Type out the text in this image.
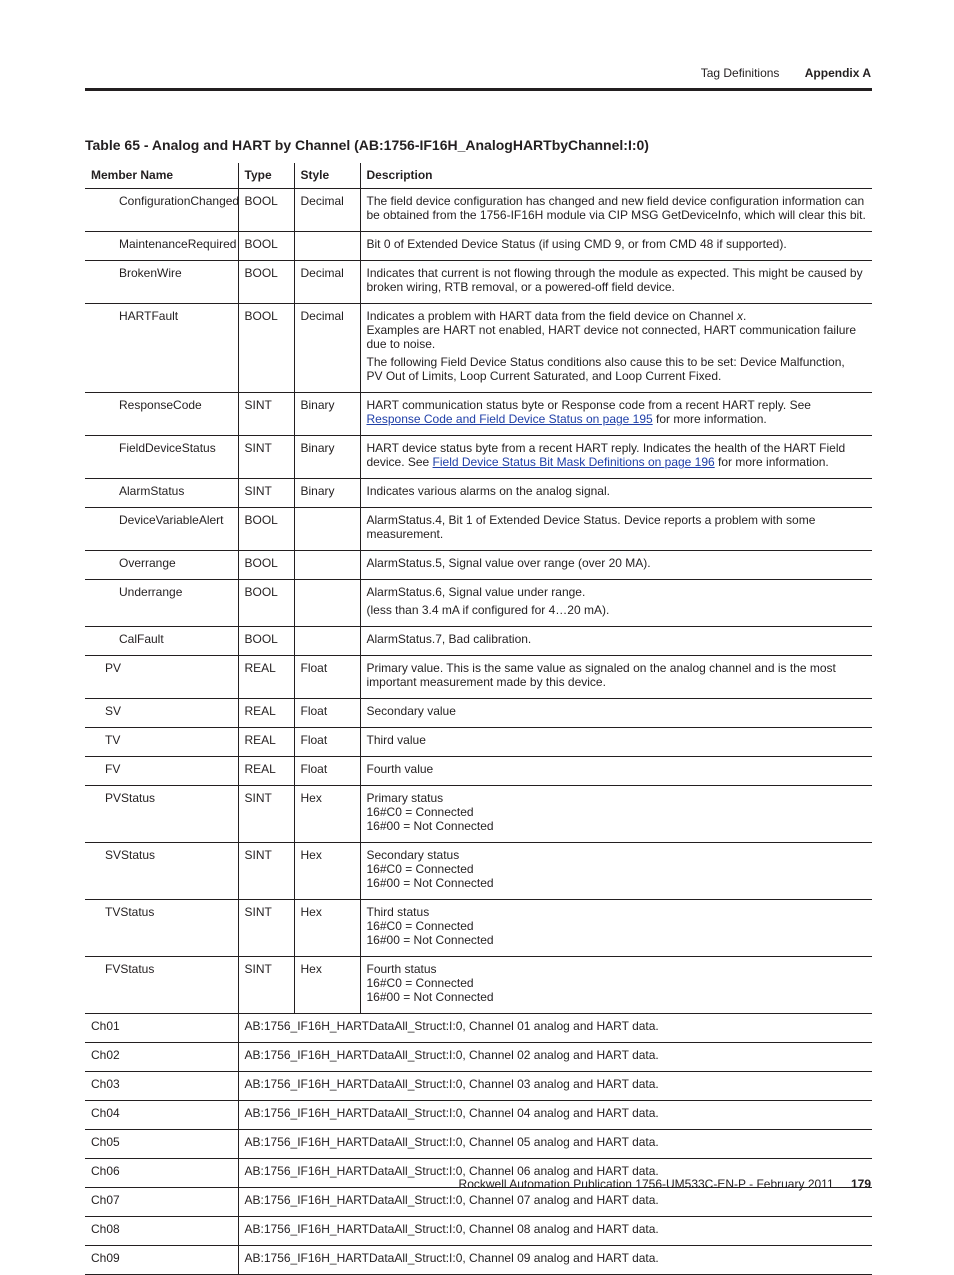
Tag Definitions Appendix A
Table 65 - Analog and HART by Channel (AB:1756-IF16H_AnalogHARTbyChannel:I:0)
Member Name	Type	Style	Description
ConfigurationChanged	BOOL	Decimal	The field device configuration has changed and new field device configuration information can be obtained from the 1756-IF16H module via CIP MSG GetDeviceInfo, which will clear this bit.
MaintenanceRequired	BOOL		Bit 0 of Extended Device Status (if using CMD 9, or from CMD 48 if supported).
BrokenWire	BOOL	Decimal	Indicates that current is not flowing through the module as expected. This might be caused by broken wiring, RTB removal, or a powered-off field device.
HARTFault	BOOL	Decimal	Indicates a problem with HART data from the field device on Channel x.
Examples are HART not enabled, HART device not connected, HART communication failure
due to noise.
The following Field Device Status conditions also cause this to be set: Device Malfunction,
PV Out of Limits, Loop Current Saturated, and Loop Current Fixed.
ResponseCode	SINT	Binary	HART communication status byte or Response code from a recent HART reply. See Response Code and Field Device Status on page 195 for more information.
FieldDeviceStatus	SINT	Binary	HART device status byte from a recent HART reply. Indicates the health of the HART Field device. See Field Device Status Bit Mask Definitions on page 196 for more information.
AlarmStatus	SINT	Binary	Indicates various alarms on the analog signal.
DeviceVariableAlert	BOOL		AlarmStatus.4, Bit 1 of Extended Device Status. Device reports a problem with some measurement.
Overrange	BOOL		AlarmStatus.5, Signal value over range (over 20 MA).
Underrange	BOOL		AlarmStatus.6, Signal value under range.
(less than 3.4 mA if configured for 4…20 mA).
CalFault	BOOL		AlarmStatus.7, Bad calibration.
PV	REAL	Float	Primary value. This is the same value as signaled on the analog channel and is the most important measurement made by this device.
SV	REAL	Float	Secondary value
TV	REAL	Float	Third value
FV	REAL	Float	Fourth value
PVStatus	SINT	Hex	Primary status
16#C0 = Connected
16#00 = Not Connected
SVStatus	SINT	Hex	Secondary status
16#C0 = Connected
16#00 = Not Connected
TVStatus	SINT	Hex	Third status
16#C0 = Connected
16#00 = Not Connected
FVStatus	SINT	Hex	Fourth status
16#C0 = Connected
16#00 = Not Connected
Ch01	AB:1756_IF16H_HARTDataAll_Struct:I:0, Channel 01 analog and HART data.		
Ch02	AB:1756_IF16H_HARTDataAll_Struct:I:0, Channel 02 analog and HART data.		
Ch03	AB:1756_IF16H_HARTDataAll_Struct:I:0, Channel 03 analog and HART data.		
Ch04	AB:1756_IF16H_HARTDataAll_Struct:I:0, Channel 04 analog and HART data.		
Ch05	AB:1756_IF16H_HARTDataAll_Struct:I:0, Channel 05 analog and HART data.		
Ch06	AB:1756_IF16H_HARTDataAll_Struct:I:0, Channel 06 analog and HART data.		
Ch07	AB:1756_IF16H_HARTDataAll_Struct:I:0, Channel 07 analog and HART data.		
Ch08	AB:1756_IF16H_HARTDataAll_Struct:I:0, Channel 08 analog and HART data.		
Ch09	AB:1756_IF16H_HARTDataAll_Struct:I:0, Channel 09 analog and HART data.		
Rockwell Automation Publication 1756-UM533C-EN-P - February 2011 179
